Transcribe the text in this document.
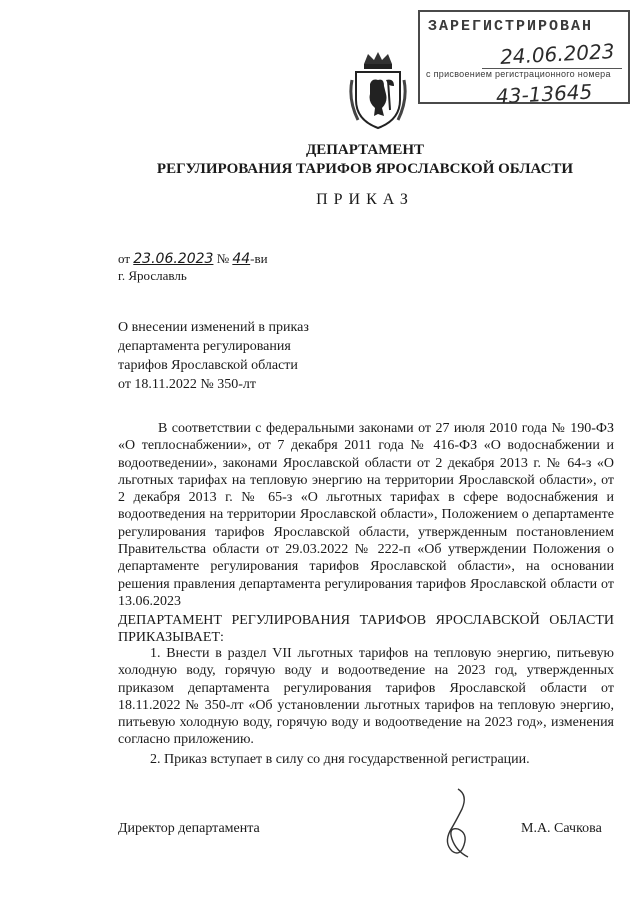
ЗАРЕГИСТРИРОВАН
24.06.2023
с присвоением регистрационного номера
43-13645
ДЕПАРТАМЕНТ
РЕГУЛИРОВАНИЯ ТАРИФОВ ЯРОСЛАВСКОЙ ОБЛАСТИ
ПРИКАЗ
от 23.06.2023 № 44-ви
г. Ярославль
О внесении изменений в приказ
департамента регулирования
тарифов Ярославской области
от 18.11.2022 № 350-лт
В соответствии с федеральными законами от 27 июля 2010 года № 190-ФЗ «О теплоснабжении», от 7 декабря 2011 года № 416-ФЗ «О водоснабжении и водоотведении», законами Ярославской области от 2 декабря 2013 г. № 64-з «О льготных тарифах на тепловую энергию на территории Ярославской области», от 2 декабря 2013 г. № 65-з «О льготных тарифах в сфере водоснабжения и водоотведения на территории Ярославской области», Положением о департаменте регулирования тарифов Ярославской области, утвержденным постановлением Правительства области от 29.03.2022 № 222-п «Об утверждении Положения о департаменте регулирования тарифов Ярославской области», на основании решения правления департамента регулирования тарифов Ярославской области от 13.06.2023
ДЕПАРТАМЕНТ РЕГУЛИРОВАНИЯ ТАРИФОВ ЯРОСЛАВСКОЙ ОБЛАСТИ ПРИКАЗЫВАЕТ:
1. Внести в раздел VII льготных тарифов на тепловую энергию, питьевую холодную воду, горячую воду и водоотведение на 2023 год, утвержденных приказом департамента регулирования тарифов Ярославской области от 18.11.2022 № 350-лт «Об установлении льготных тарифов на тепловую энергию, питьевую холодную воду, горячую воду и водоотведение на 2023 год», изменения согласно приложению.
2. Приказ вступает в силу со дня государственной регистрации.
Директор департамента	М.А. Сачкова
